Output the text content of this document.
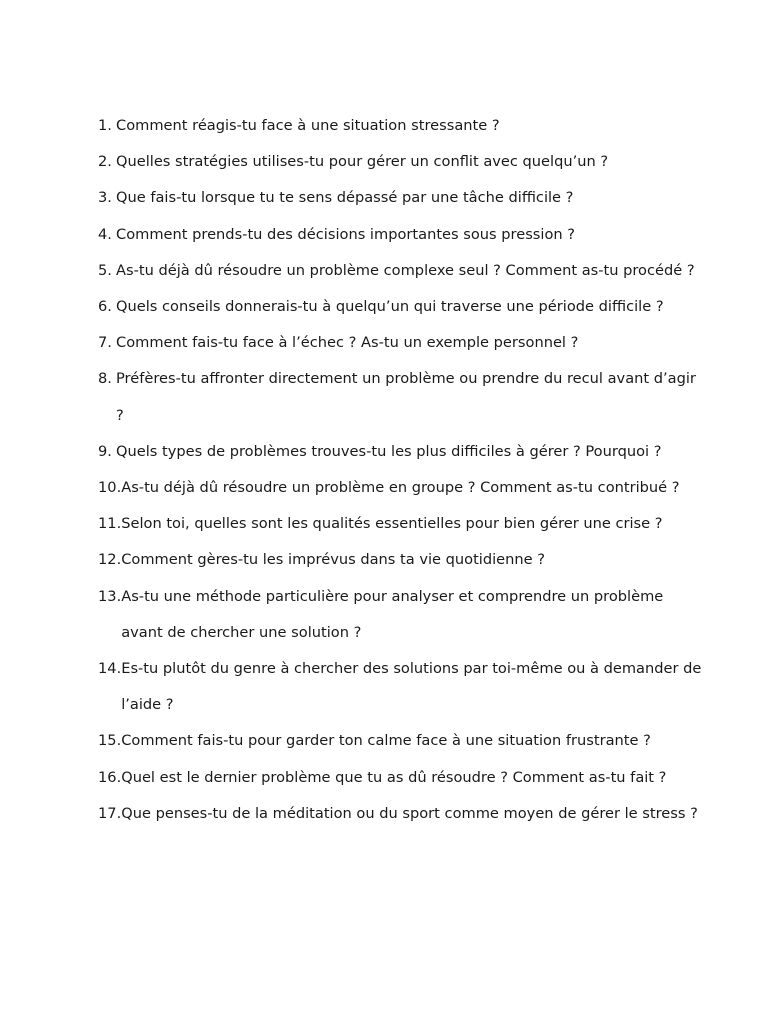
1. Comment réagis-tu face à une situation stressante ?
2. Quelles stratégies utilises-tu pour gérer un conflit avec quelqu’un ?
3. Que fais-tu lorsque tu te sens dépassé par une tâche difficile ?
4. Comment prends-tu des décisions importantes sous pression ?
5. As-tu déjà dû résoudre un problème complexe seul ? Comment as-tu procédé ?
6. Quels conseils donnerais-tu à quelqu’un qui traverse une période difficile ?
7. Comment fais-tu face à l’échec ? As-tu un exemple personnel ?
8. Préfères-tu affronter directement un problème ou prendre du recul avant d’agir ?
9. Quels types de problèmes trouves-tu les plus difficiles à gérer ? Pourquoi ?
10. As-tu déjà dû résoudre un problème en groupe ? Comment as-tu contribué ?
11. Selon toi, quelles sont les qualités essentielles pour bien gérer une crise ?
12. Comment gères-tu les imprévus dans ta vie quotidienne ?
13. As-tu une méthode particulière pour analyser et comprendre un problème avant de chercher une solution ?
14. Es-tu plutôt du genre à chercher des solutions par toi-même ou à demander de l’aide ?
15. Comment fais-tu pour garder ton calme face à une situation frustrante ?
16. Quel est le dernier problème que tu as dû résoudre ? Comment as-tu fait ?
17. Que penses-tu de la méditation ou du sport comme moyen de gérer le stress ?
